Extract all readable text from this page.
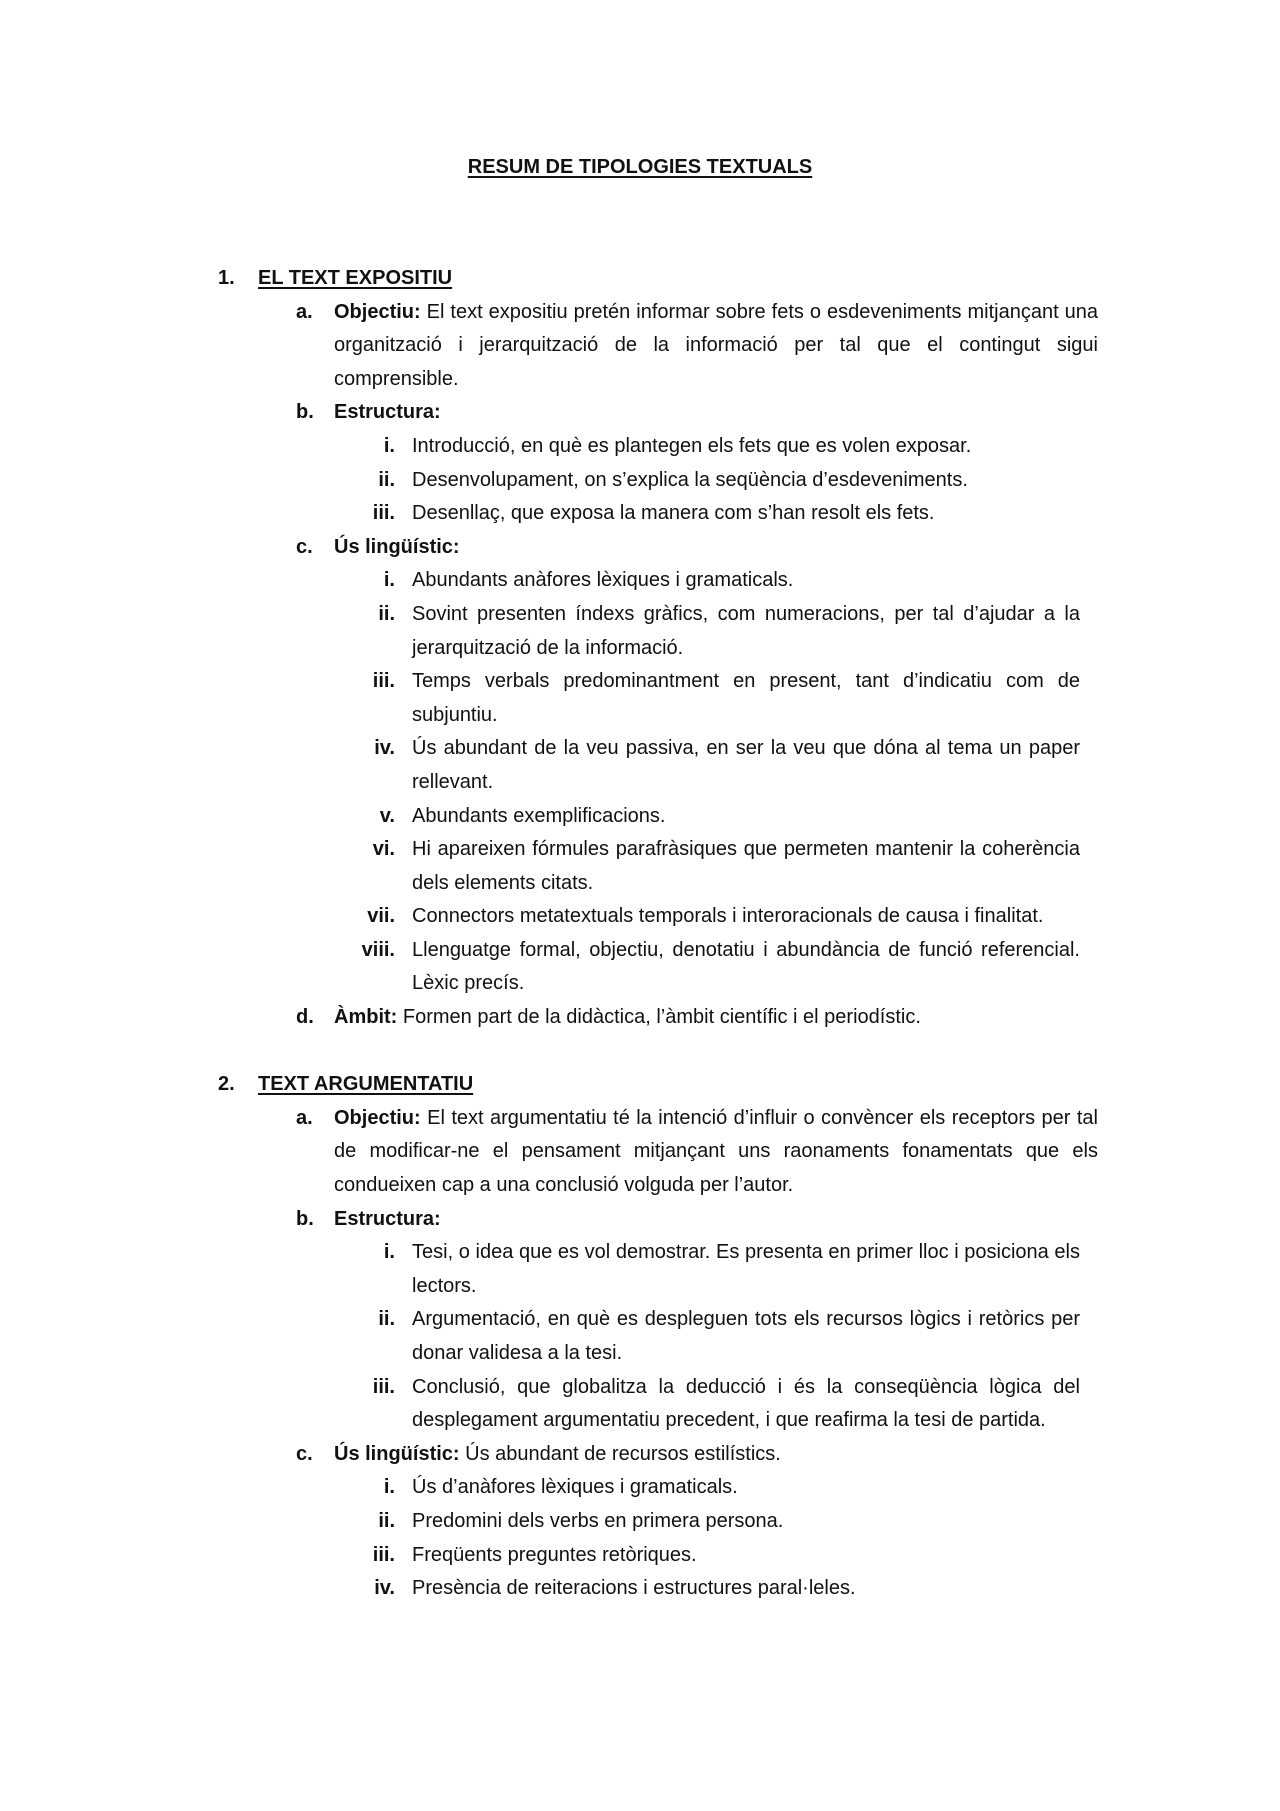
RESUM DE TIPOLOGIES TEXTUALS
1.	EL TEXT EXPOSITIU
a.	Objectiu: El text expositiu pretén informar sobre fets o esdeveniments mitjançant una organització i jerarquització de la informació per tal que el contingut sigui comprensible.
b.	Estructura:
i. Introducció, en què es plantegen els fets que es volen exposar.
ii. Desenvolupament, on s’explica la seqüència d’esdeveniments.
iii. Desenllaç, que exposa la manera com s’han resolt els fets.
c.	Ús lingüístic:
i. Abundants anàfores lèxiques i gramaticals.
ii. Sovint presenten índexs gràfics, com numeracions, per tal d’ajudar a la jerarquització de la informació.
iii. Temps verbals predominantment en present, tant d’indicatiu com de subjuntiu.
iv. Ús abundant de la veu passiva, en ser la veu que dóna al tema un paper rellevant.
v. Abundants exemplificacions.
vi. Hi apareixen fórmules parafràsiques que permeten mantenir la coherència dels elements citats.
vii. Connectors metatextuals temporals i interoracionals de causa i finalitat.
viii. Llenguatge formal, objectiu, denotatiu i abundància de funció referencial. Lèxic precís.
d.	Àmbit: Formen part de la didàctica, l’àmbit científic i el periodístic.
2.	TEXT ARGUMENTATIU
a.	Objectiu: El text argumentatiu té la intenció d’influir o convèncer els receptors per tal de modificar-ne el pensament mitjançant uns raonaments fonamentats que els condueixen cap a una conclusió volguda per l’autor.
b.	Estructura:
i. Tesi, o idea que es vol demostrar. Es presenta en primer lloc i posiciona els lectors.
ii. Argumentació, en què es despleguen tots els recursos lògics i retòrics per donar validesa a la tesi.
iii. Conclusió, que globalitza la deducció i és la conseqüència lògica del desplegament argumentatiu precedent, i que reafirma la tesi de partida.
c.	Ús lingüístic: Ús abundant de recursos estilístics.
i. Ús d’anàfores lèxiques i gramaticals.
ii. Predomini dels verbs en primera persona.
iii. Freqüents preguntes retòriques.
iv. Presència de reiteracions i estructures paral·leles.
